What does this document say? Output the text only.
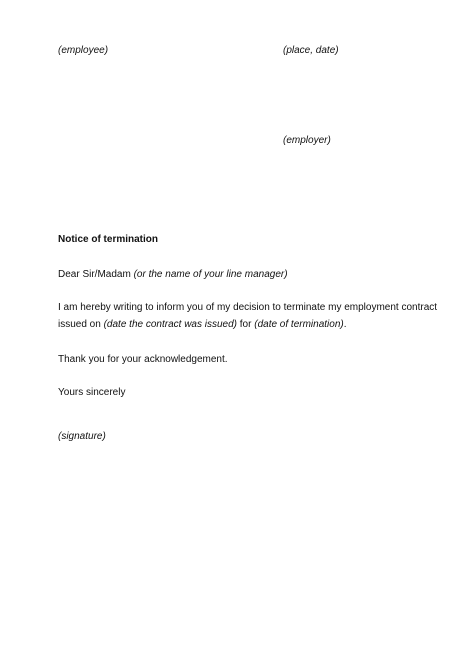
(employee)	(place, date)
(employer)
Notice of termination
Dear Sir/Madam (or the name of your line manager)
I am hereby writing to inform you of my decision to terminate my employment contract
issued on (date the contract was issued) for (date of termination).
Thank you for your acknowledgement.
Yours sincerely
(signature)
